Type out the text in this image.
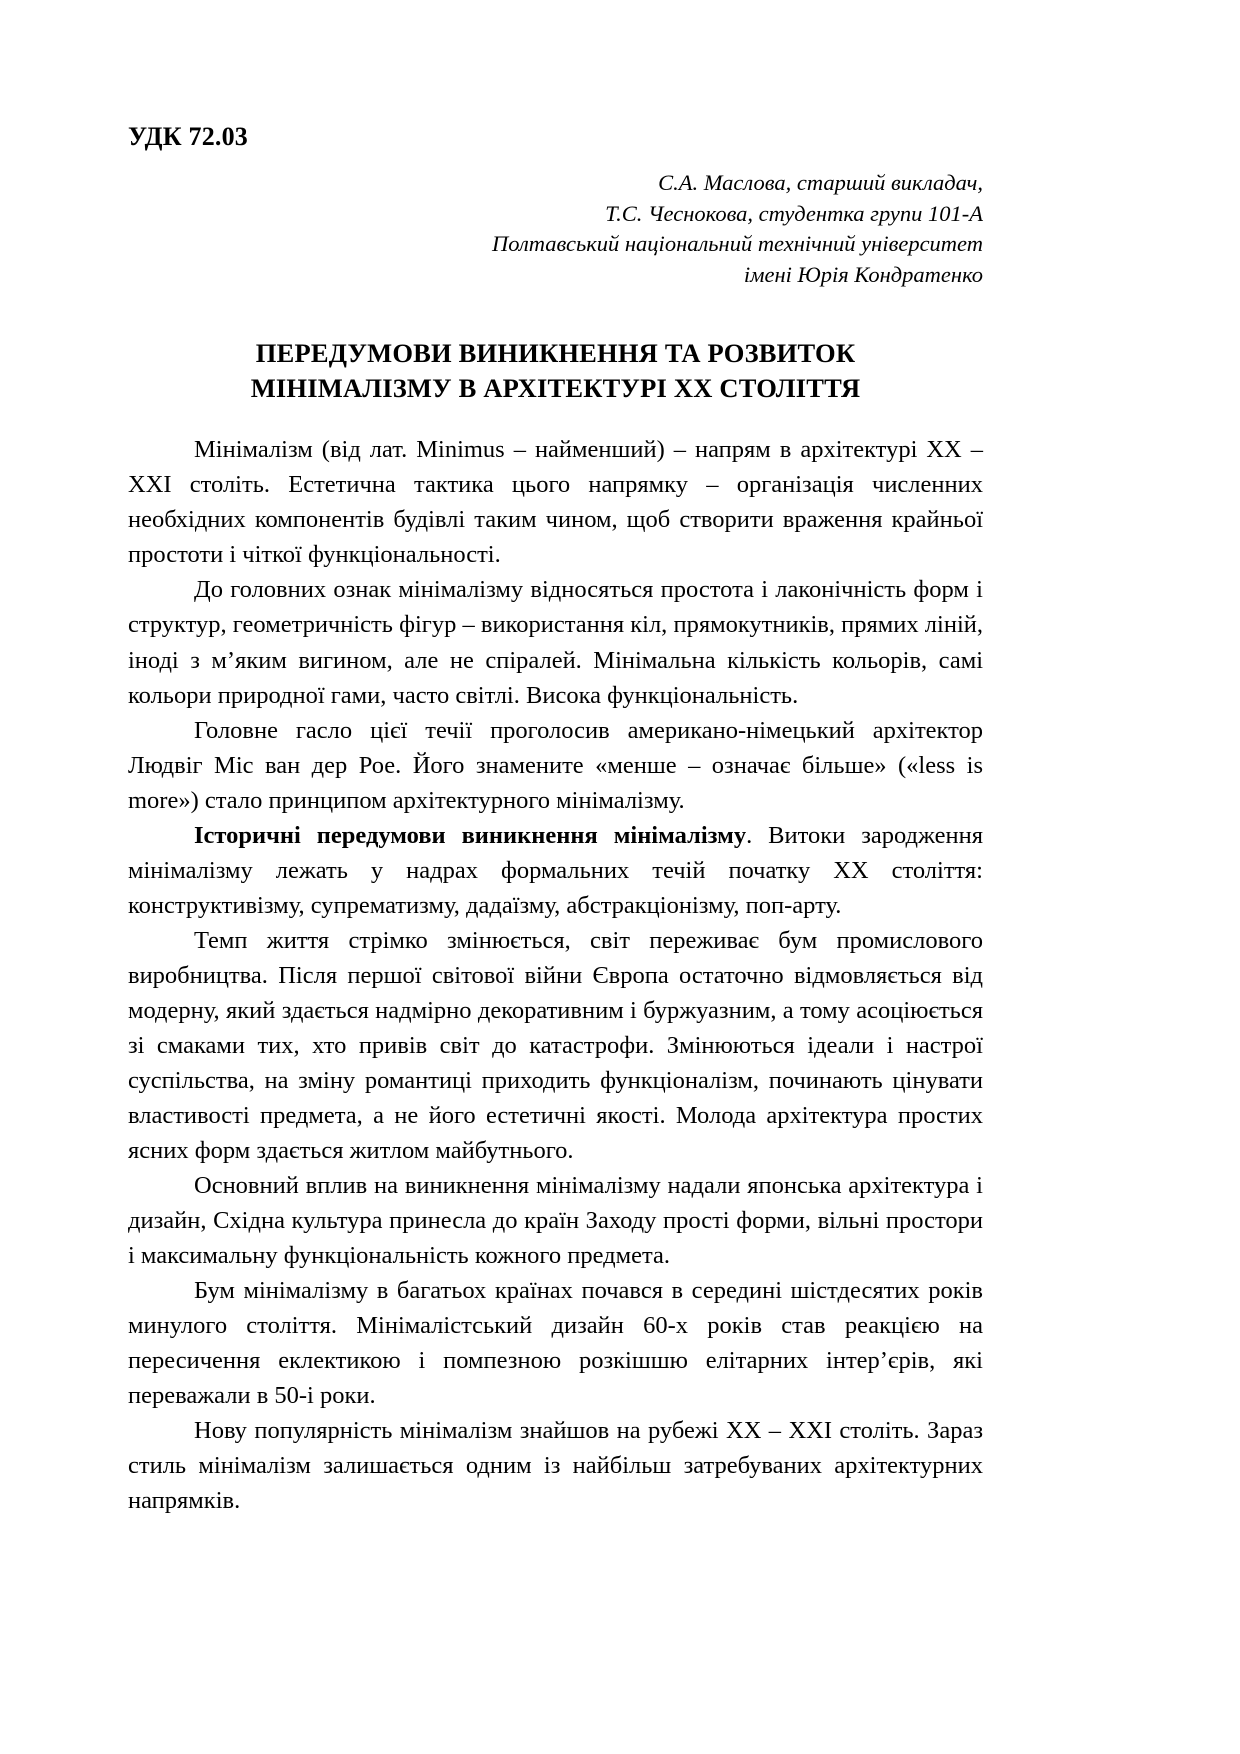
УДК 72.03
С.А. Маслова, старший викладач,
Т.С. Чеснокова, студентка групи 101-А
Полтавський національний технічний університет
імені Юрія Кондратенко
ПЕРЕДУМОВИ ВИНИКНЕННЯ ТА РОЗВИТОК
МІНІМАЛІЗМУ В АРХІТЕКТУРІ ХХ СТОЛІТТЯ

Мінімалізм (від лат. Minimus – найменший) – напрям в архітектурі ХХ – ХХI століть. Естетична тактика цього напрямку – організація численних необхідних компонентів будівлі таким чином, щоб створити враження крайньої простоти і чіткої функціональності.

До головних ознак мінімалізму відносяться простота і лаконічність форм і структур, геометричність фігур – використання кіл, прямокутників, прямих ліній, іноді з м’яким вигином, але не спіралей. Мінімальна кількість кольорів, самі кольори природної гами, часто світлі. Висока функціональність.

Головне гасло цієї течії проголосив американо-німецький архітектор Людвіг Міс ван дер Рое. Його знаменитe «менше – означає більше» («less is more») стало принципом архітектурного мінімалізму.

Історичні передумови виникнення мінімалізму. Витоки зародження мінімалізму лежать у надрах формальних течій початку ХХ століття: конструктивізму, супрематизму, дадаїзму, абстракціонізму, поп-арту.

Темп життя стрімко змінюється, світ переживає бум промислового виробництва. Після першої світової війни Європа остаточно відмовляється від модерну, який здається надмірно декоративним і буржуазним, а тому асоціюється зі смаками тих, хто привів світ до катастрофи. Змінюються ідеали і настрої суспільства, на зміну романтиці приходить функціоналізм, починають цінувати властивості предмета, а не його естетичні якості. Молода архітектура простих ясних форм здається житлом майбутнього.

Основний вплив на виникнення мінімалізму надали японська архітектура і дизайн, Східна культура принесла до країн Заходу прості форми, вільні простори і максимальну функціональність кожного предмета.

Бум мінімалізму в багатьох країнах почався в середині шістдесятих років минулого століття. Мінімалістський дизайн 60-х років став реакцією на пересичення еклектикою і помпезною розкішшю елітарних інтер’єрів, які переважали в 50-і роки.

Нову популярність мінімалізм знайшов на рубежі ХХ – ХХI століть. Зараз стиль мінімалізм залишається одним із найбільш затребуваних архітектурних напрямків.
